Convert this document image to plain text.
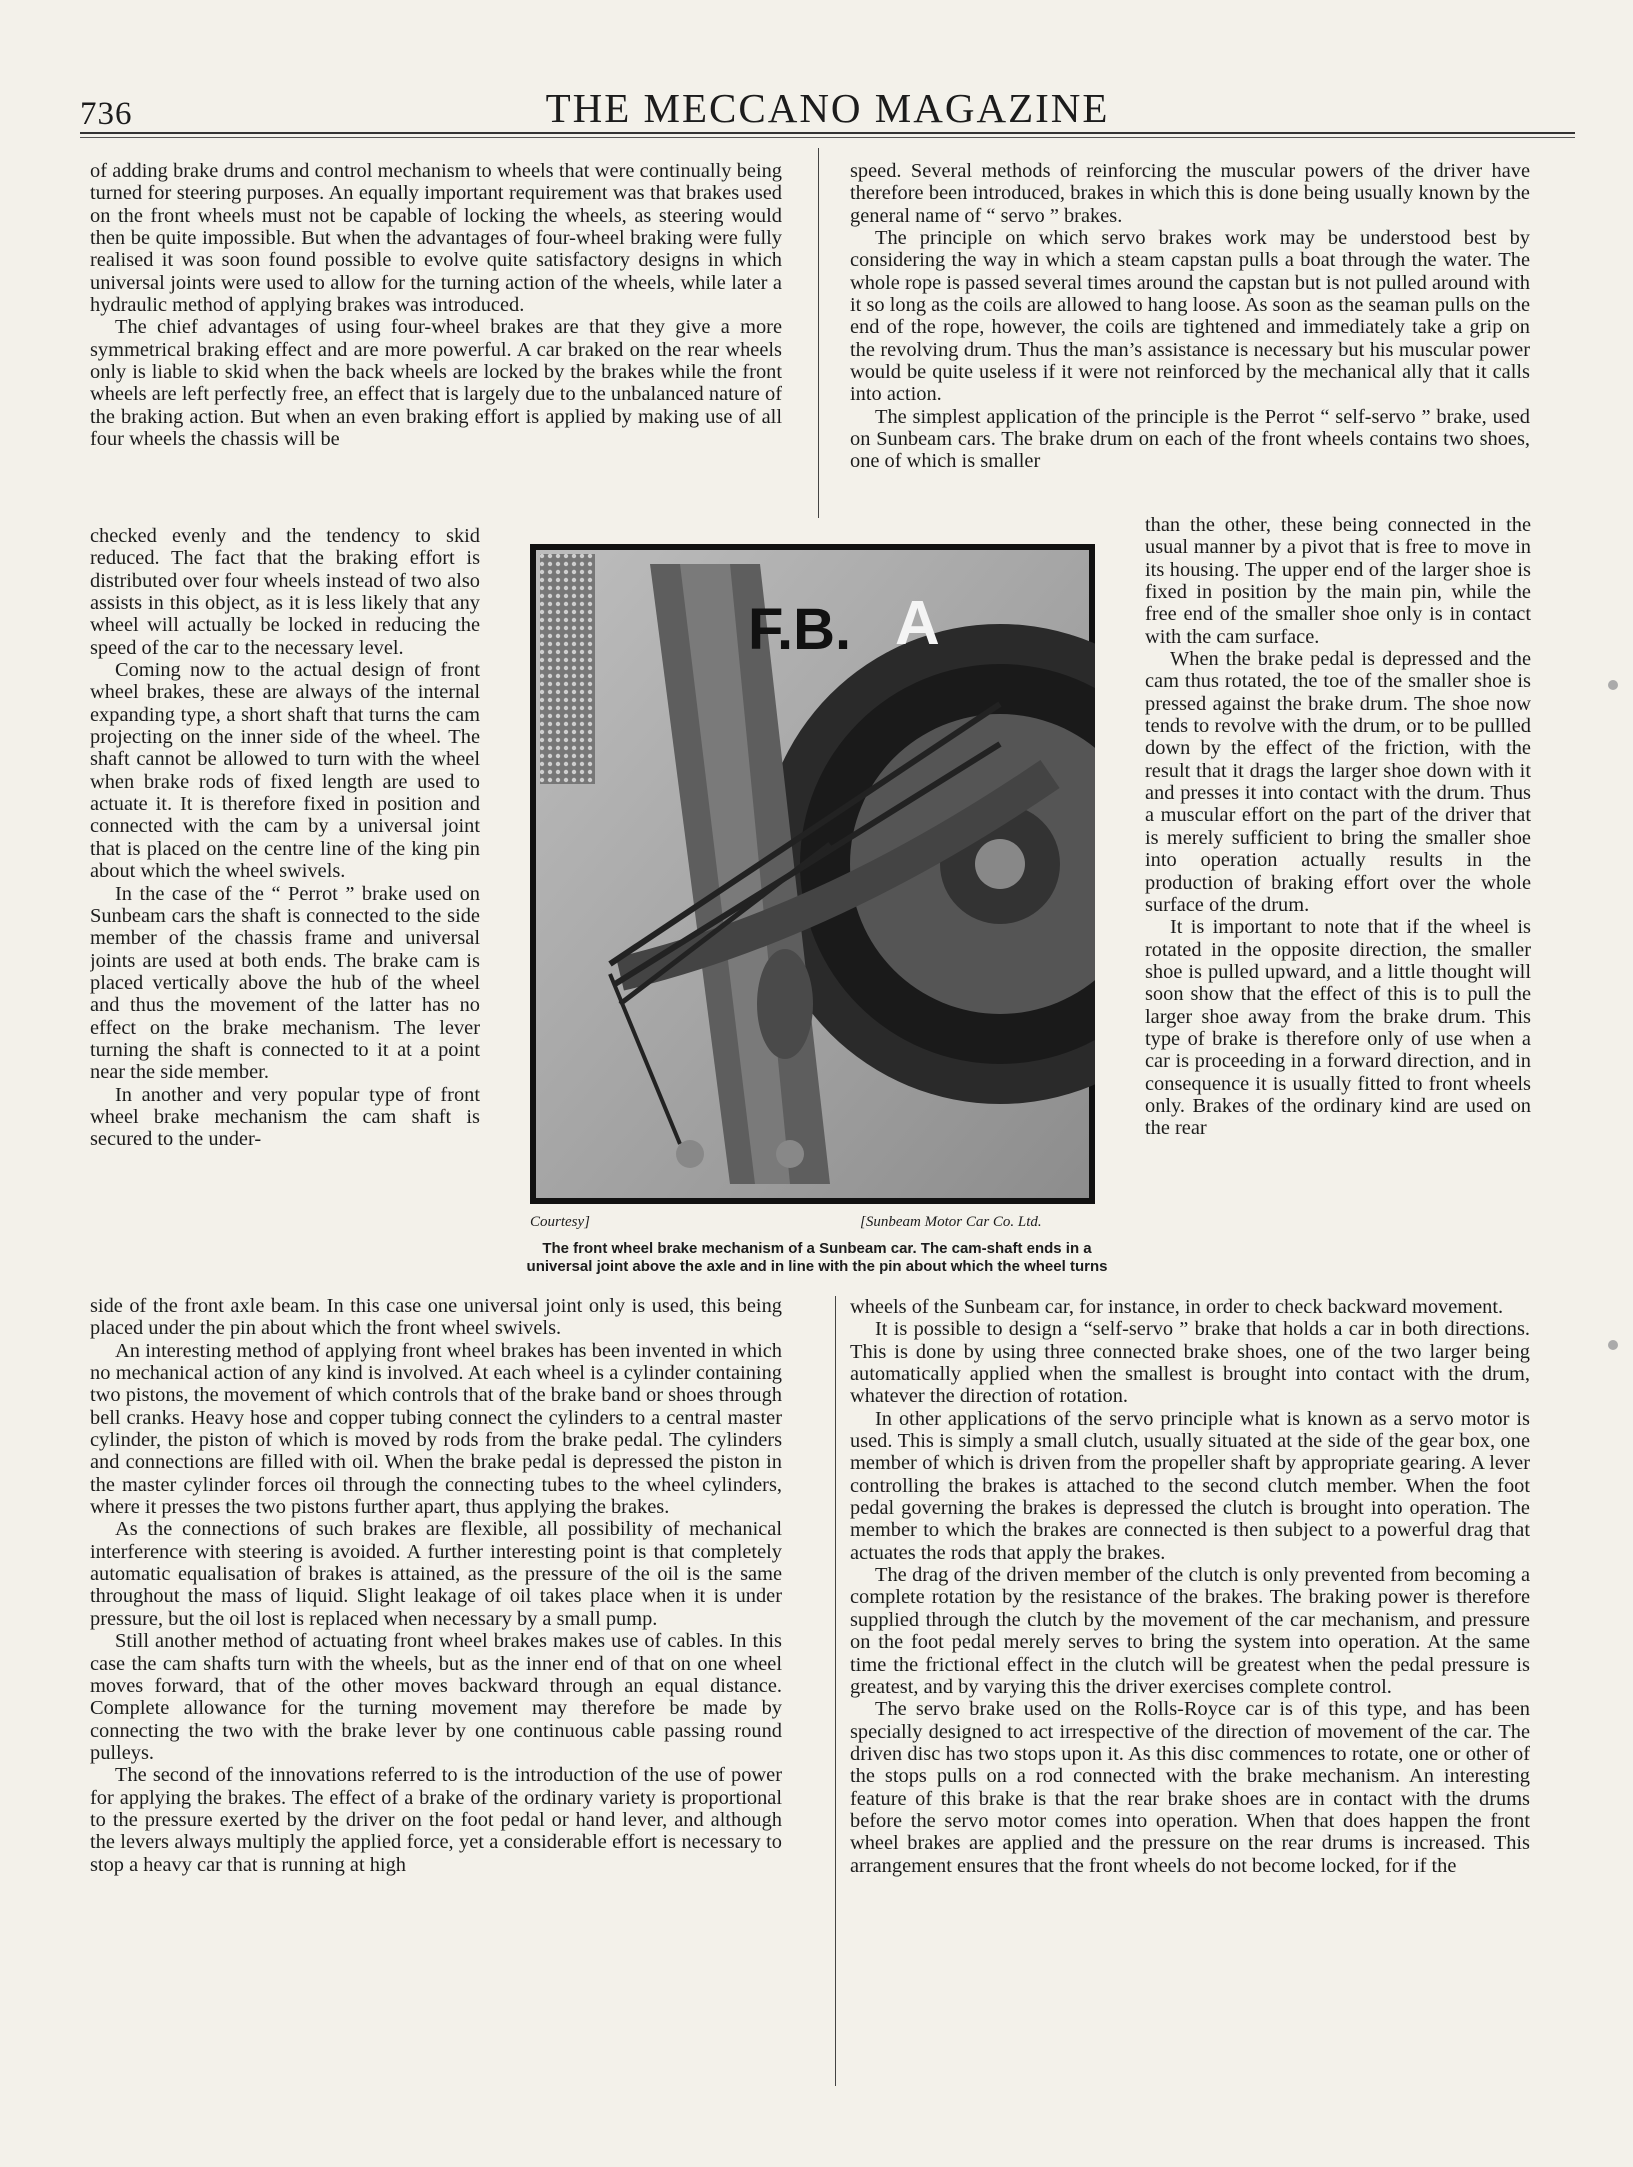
736	THE MECCANO MAGAZINE

of adding brake drums and control mechanism to wheels that were continually being turned for steering purposes. An equally important requirement was that brakes used on the front wheels must not be capable of locking the wheels, as steering would then be quite impossible. But when the advantages of four-wheel braking were fully realised it was soon found possible to evolve quite satisfactory designs in which universal joints were used to allow for the turning action of the wheels, while later a hydraulic method of applying brakes was introduced.

The chief advantages of using four-wheel brakes are that they give a more symmetrical braking effect and are more powerful. A car braked on the rear wheels only is liable to skid when the back wheels are locked by the brakes while the front wheels are left perfectly free, an effect that is largely due to the unbalanced nature of the braking action. But when an even braking effort is applied by making use of all four wheels the chassis will be

checked evenly and the tendency to skid reduced. The fact that the braking effort is distributed over four wheels instead of two also assists in this object, as it is less likely that any wheel will actually be locked in reducing the speed of the car to the necessary level.

Coming now to the actual design of front wheel brakes, these are always of the internal expanding type, a short shaft that turns the cam projecting on the inner side of the wheel. The shaft cannot be allowed to turn with the wheel when brake rods of fixed length are used to actuate it. It is therefore fixed in position and connected with the cam by a universal joint that is placed on the centre line of the king pin about which the wheel swivels.

In the case of the “ Perrot ” brake used on Sunbeam cars the shaft is connected to the side member of the chassis frame and universal joints are used at both ends. The brake cam is placed vertically above the hub of the wheel and thus the movement of the latter has no effect on the brake mechanism. The lever turning the shaft is connected to it at a point near the side member.

In another and very popular type of front wheel brake mechanism the cam shaft is secured to the under-

side of the front axle beam. In this case one universal joint only is used, this being placed under the pin about which the front wheel swivels.

An interesting method of applying front wheel brakes has been invented in which no mechanical action of any kind is involved. At each wheel is a cylinder containing two pistons, the movement of which controls that of the brake band or shoes through bell cranks. Heavy hose and copper tubing connect the cylinders to a central master cylinder, the piston of which is moved by rods from the brake pedal. The cylinders and connections are filled with oil. When the brake pedal is depressed the piston in the master cylinder forces oil through the connecting tubes to the wheel cylinders, where it presses the two pistons further apart, thus applying the brakes.

As the connections of such brakes are flexible, all possibility of mechanical interference with steering is avoided. A further interesting point is that completely automatic equalisation of brakes is attained, as the pressure of the oil is the same throughout the mass of liquid. Slight leakage of oil takes place when it is under pressure, but the oil lost is replaced when necessary by a small pump.

Still another method of actuating front wheel brakes makes use of cables. In this case the cam shafts turn with the wheels, but as the inner end of that on one wheel moves forward, that of the other moves backward through an equal distance. Complete allowance for the turning movement may therefore be made by connecting the two with the brake lever by one continuous cable passing round pulleys.

The second of the innovations referred to is the introduction of the use of power for applying the brakes. The effect of a brake of the ordinary variety is proportional to the pressure exerted by the driver on the foot pedal or hand lever, and although the levers always multiply the applied force, yet a considerable effort is necessary to stop a heavy car that is running at high

speed. Several methods of reinforcing the muscular powers of the driver have therefore been introduced, brakes in which this is done being usually known by the general name of “ servo ” brakes.

The principle on which servo brakes work may be understood best by considering the way in which a steam capstan pulls a boat through the water. The whole rope is passed several times around the capstan but is not pulled around with it so long as the coils are allowed to hang loose. As soon as the seaman pulls on the end of the rope, however, the coils are tightened and immediately take a grip on the revolving drum. Thus the man’s assistance is necessary but his muscular power would be quite useless if it were not reinforced by the mechanical ally that it calls into action.

The simplest application of the principle is the Perrot “ self-servo ” brake, used on Sunbeam cars. The brake drum on each of the front wheels contains two shoes, one of which is smaller

than the other, these being connected in the usual manner by a pivot that is free to move in its housing. The upper end of the larger shoe is fixed in position by the main pin, while the free end of the smaller shoe only is in contact with the cam surface.

When the brake pedal is depressed and the cam thus rotated, the toe of the smaller shoe is pressed against the brake drum. The shoe now tends to revolve with the drum, or to be pullled down by the effect of the friction, with the result that it drags the larger shoe down with it and presses it into contact with the drum. Thus a muscular effort on the part of the driver that is merely sufficient to bring the smaller shoe into operation actually results in the production of braking effort over the whole surface of the drum.

It is important to note that if the wheel is rotated in the opposite direction, the smaller shoe is pulled upward, and a little thought will soon show that the effect of this is to pull the larger shoe away from the brake drum. This type of brake is therefore only of use when a car is proceeding in a forward direction, and in consequence it is usually fitted to front wheels only. Brakes of the ordinary kind are used on the rear

wheels of the Sunbeam car, for instance, in order to check backward movement.

It is possible to design a “self-servo ” brake that holds a car in both directions. This is done by using three connected brake shoes, one of the two larger being automatically applied when the smallest is brought into contact with the drum, whatever the direction of rotation.

In other applications of the servo principle what is known as a servo motor is used. This is simply a small clutch, usually situated at the side of the gear box, one member of which is driven from the propeller shaft by appropriate gearing. A lever controlling the brakes is attached to the second clutch member. When the foot pedal governing the brakes is depressed the clutch is brought into operation. The member to which the brakes are connected is then subject to a powerful drag that actuates the rods that apply the brakes.

The drag of the driven member of the clutch is only prevented from becoming a complete rotation by the resistance of the brakes. The braking power is therefore supplied through the clutch by the movement of the car mechanism, and pressure on the foot pedal merely serves to bring the system into operation. At the same time the frictional effect in the clutch will be greatest when the pedal pressure is greatest, and by varying this the driver exercises complete control.

The servo brake used on the Rolls-Royce car is of this type, and has been specially designed to act irrespective of the direction of movement of the car. The driven disc has two stops upon it. As this disc commences to rotate, one or other of the stops pulls on a rod connected with the brake mechanism. An interesting feature of this brake is that the rear brake shoes are in contact with the drums before the servo motor comes into operation. When that does happen the front wheel brakes are applied and the pressure on the rear drums is increased. This arrangement ensures that the front wheels do not become locked, for if the

F.B. A
Courtesy]	[Sunbeam Motor Car Co. Ltd.
The front wheel brake mechanism of a Sunbeam car. The cam-shaft ends in a universal joint above the axle and in line with the pin about which the wheel turns
